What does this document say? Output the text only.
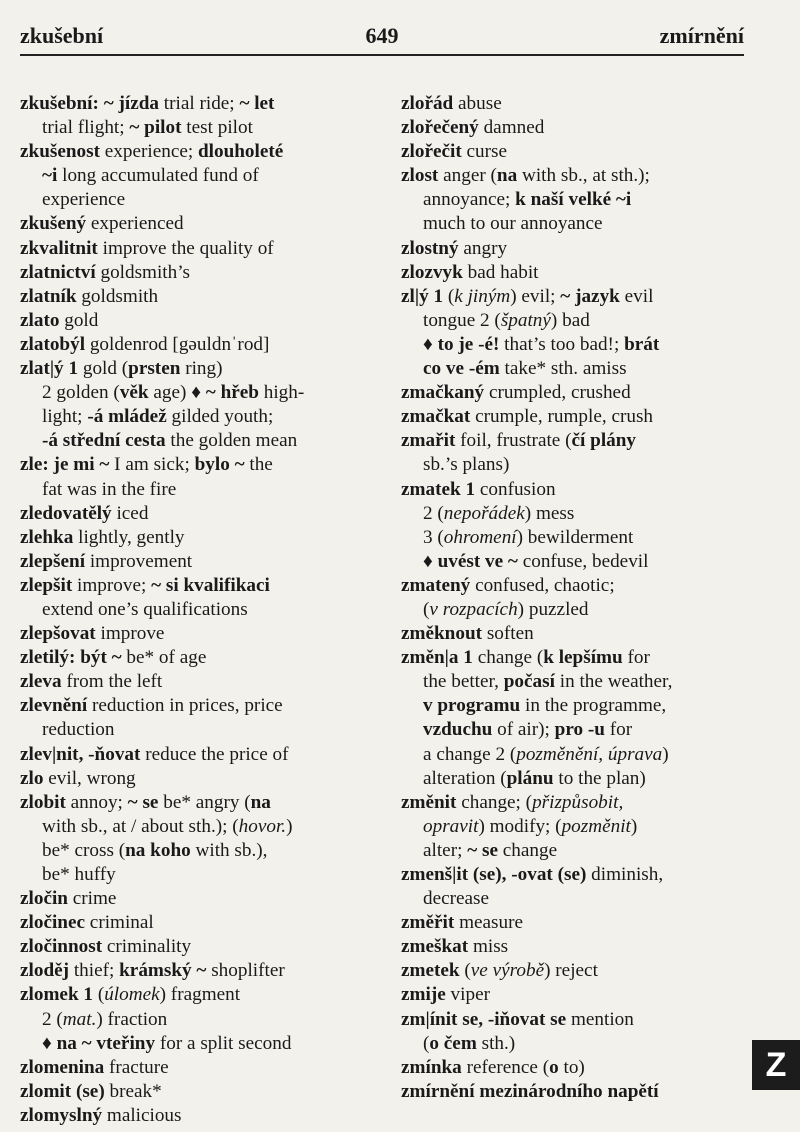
zkušební	649	zmírnění
zkušební: ~ jízda trial ride; ~ let
trial flight; ~ pilot test pilot
zkušenost experience; dlouholeté
~i long accumulated fund of
experience
zkušený experienced
zkvalitnit improve the quality of
zlatnictví goldsmith’s
zlatník goldsmith
zlato gold
zlatobýl goldenrod [gəuldnˈrod]
zlat|ý 1 gold (prsten ring)
2 golden (věk age) ♦ ~ hřeb high-
light; -á mládež gilded youth;
-á střední cesta the golden mean
zle: je mi ~ I am sick; bylo ~ the
fat was in the fire
zledovatělý iced
zlehka lightly, gently
zlepšení improvement
zlepšit improve; ~ si kvalifikaci
extend one’s qualifications
zlepšovat improve
zletilý: být ~ be* of age
zleva from the left
zlevnění reduction in prices, price
reduction
zlev|nit, -ňovat reduce the price of
zlo evil, wrong
zlobit annoy; ~ se be* angry (na
with sb., at / about sth.); (hovor.)
be* cross (na koho with sb.),
be* huffy
zločin crime
zločinec criminal
zločinnost criminality
zloděj thief; krámský ~ shoplifter
zlomek 1 (úlomek) fragment
2 (mat.) fraction
♦ na ~ vteřiny for a split second
zlomenina fracture
zlomit (se) break*
zlomyslný malicious
zlořád abuse
zlořečený damned
zlořečit curse
zlost anger (na with sb., at sth.);
annoyance; k naší velké ~i
much to our annoyance
zlostný angry
zlozvyk bad habit
zl|ý 1 (k jiným) evil; ~ jazyk evil
tongue 2 (špatný) bad
♦ to je -é! that’s too bad!; brát
co ve -ém take* sth. amiss
zmačkaný crumpled, crushed
zmačkat crumple, rumple, crush
zmařit foil, frustrate (čí plány
sb.’s plans)
zmatek 1 confusion
2 (nepořádek) mess
3 (ohromení) bewilderment
♦ uvést ve ~ confuse, bedevil
zmatený confused, chaotic;
(v rozpacích) puzzled
změknout soften
změn|a 1 change (k lepšímu for
the better, počasí in the weather,
v programu in the programme,
vzduchu of air); pro -u for
a change 2 (pozměnění, úprava)
alteration (plánu to the plan)
změnit change; (přizpůsobit,
opravit) modify; (pozměnit)
alter; ~ se change
zmenš|it (se), -ovat (se) diminish,
decrease
změřit measure
zmeškat miss
zmetek (ve výrobě) reject
zmije viper
zm|ínit se, -iňovat se mention
(o čem sth.)
zmínka reference (o to)
zmírnění mezinárodního napětí
Z
